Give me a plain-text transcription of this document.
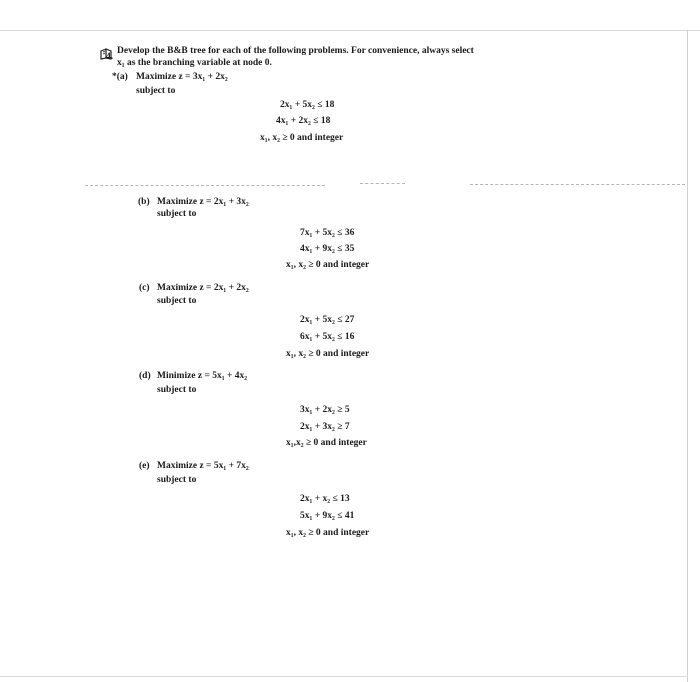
4.
Develop the B&B tree for each of the following problems. For convenience, always select
x₁ as the branching variable at node 0.
*(a) Maximize z = 3x₁ + 2x₂
subject to
2x₁ + 5x₂ ≤ 18
4x₁ + 2x₂ ≤ 18
x₁, x₂ ≥ 0 and integer
(b) Maximize z = 2x₁ + 3x₂
subject to
7x₁ + 5x₂ ≤ 36
4x₁ + 9x₂ ≤ 35
x₁, x₂ ≥ 0 and integer
(c) Maximize z = 2x₁ + 2x₂
subject to
2x₁ + 5x₂ ≤ 27
6x₁ + 5x₂ ≤ 16
x₁, x₂ ≥ 0 and integer
(d) Minimize z = 5x₁ + 4x₂
subject to
3x₁ + 2x₂ ≥ 5
2x₁ + 3x₂ ≥ 7
x₁,x₂ ≥ 0 and integer
(e) Maximize z = 5x₁ + 7x₂
subject to
2x₁ + x₂ ≤ 13
5x₁ + 9x₂ ≤ 41
x₁, x₂ ≥ 0 and integer
